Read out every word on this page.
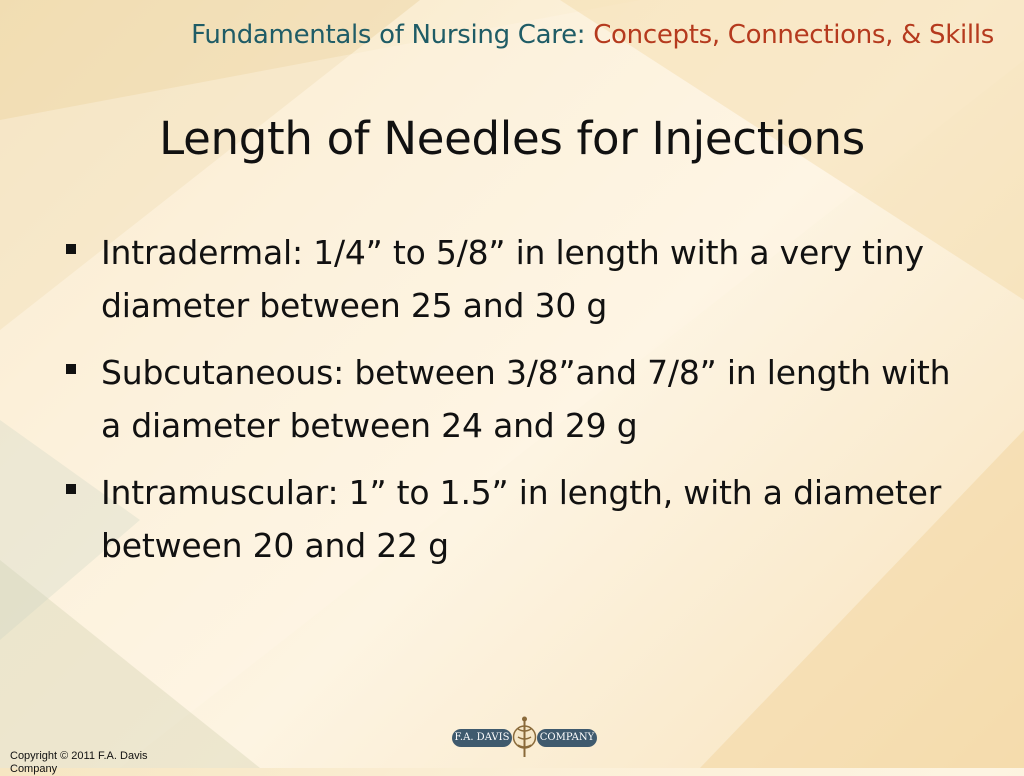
Fundamentals of Nursing Care: Concepts, Connections, & Skills
Length of Needles for Injections
Intradermal: 1/4” to 5/8” in length with a very tiny diameter between 25 and 30 g
Subcutaneous: between 3/8”and 7/8” in length with a diameter between 24 and 29 g
Intramuscular: 1” to 1.5” in length, with a diameter between 20 and 22 g
F.A. DAVIS	COMPANY
Copyright © 2011 F.A. Davis Company
